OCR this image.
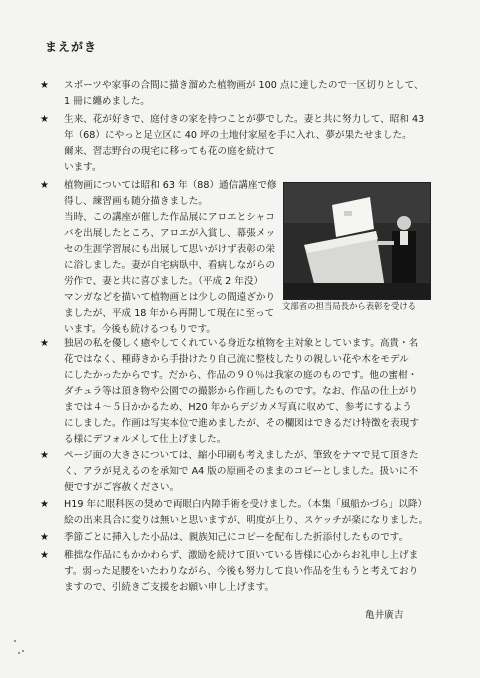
まえがき
★	スポーツや家事の合間に描き溜めた植物画が 100 点に達したので一区切りとして、
1 冊に纏めました。
★	生来、花が好きで、庭付きの家を持つことが夢でした。妻と共に努力して、昭和 43
年（68）にやっと足立区に 40 坪の土地付家屋を手に入れ、夢が果たせました。
爾来、習志野台の現宅に移っても花の庭を続けて
います。
★	植物画については昭和 63 年（88）通信講座で修
得し、練習画も随分描きました。
当時、この講座が催した作品展にアロエとシャコ
バを出展したところ、アロエが入賞し、幕張メッ
セの生涯学習展にも出展して思いがけず表彰の栄
に浴しました。妻が自宅病臥中、看病しながらの
労作で、妻と共に喜びました。（平成 2 年没）
マンガなどを描いて植物画とは少しの間遠ざかり
ましたが、平成 18 年から再開して現在に至って
います。今後も続けるつもりです。
文部省の担当局長から表彰を受ける
★	独居の私を優しく癒やしてくれている身近な植物を主対象としています。高貴・名
花ではなく、種蒔きから手掛けたり自己流に整枝したりの親しい花や木をモデル
にしたかったからです。だから、作品の９０％は我家の庭のものです。他の蜜柑・
ダチュラ等は頂き物や公園での撮影から作画したものです。なお、作品の仕上がり
までは４～５日かかるため、H20 年からデジカメ写真に収めて、参考にするよう
にしました。作画は写実本位で進めましたが、その欄図はできるだけ特徴を表現す
る様にデフォルメして仕上げました。
★	ページ面の大きさについては、縮小印刷も考えましたが、筆致をナマで見て頂きた
く、アラが見えるのを承知で A4 版の原画そのままのコピーとしました。扱いに不
便ですがご容赦ください。
★	H19 年に眼科医の奨めで両眼白内障手術を受けました。（本集「風船かづら」以降）
絵の出来具合に変りは無いと思いますが、明度が上り、スケッチが楽になりました。
★	季節ごとに挿入した小品は、親族知己にコピーを配布した折添付したものです。
★	稚拙な作品にもかかわらず、激励を続けて頂いている皆様に心からお礼申し上げま
す。弱った足腰をいたわりながら、今後も努力して良い作品を生もうと考えており
ますので、引続きご支援をお願い申し上げます。
亀井廣吉
